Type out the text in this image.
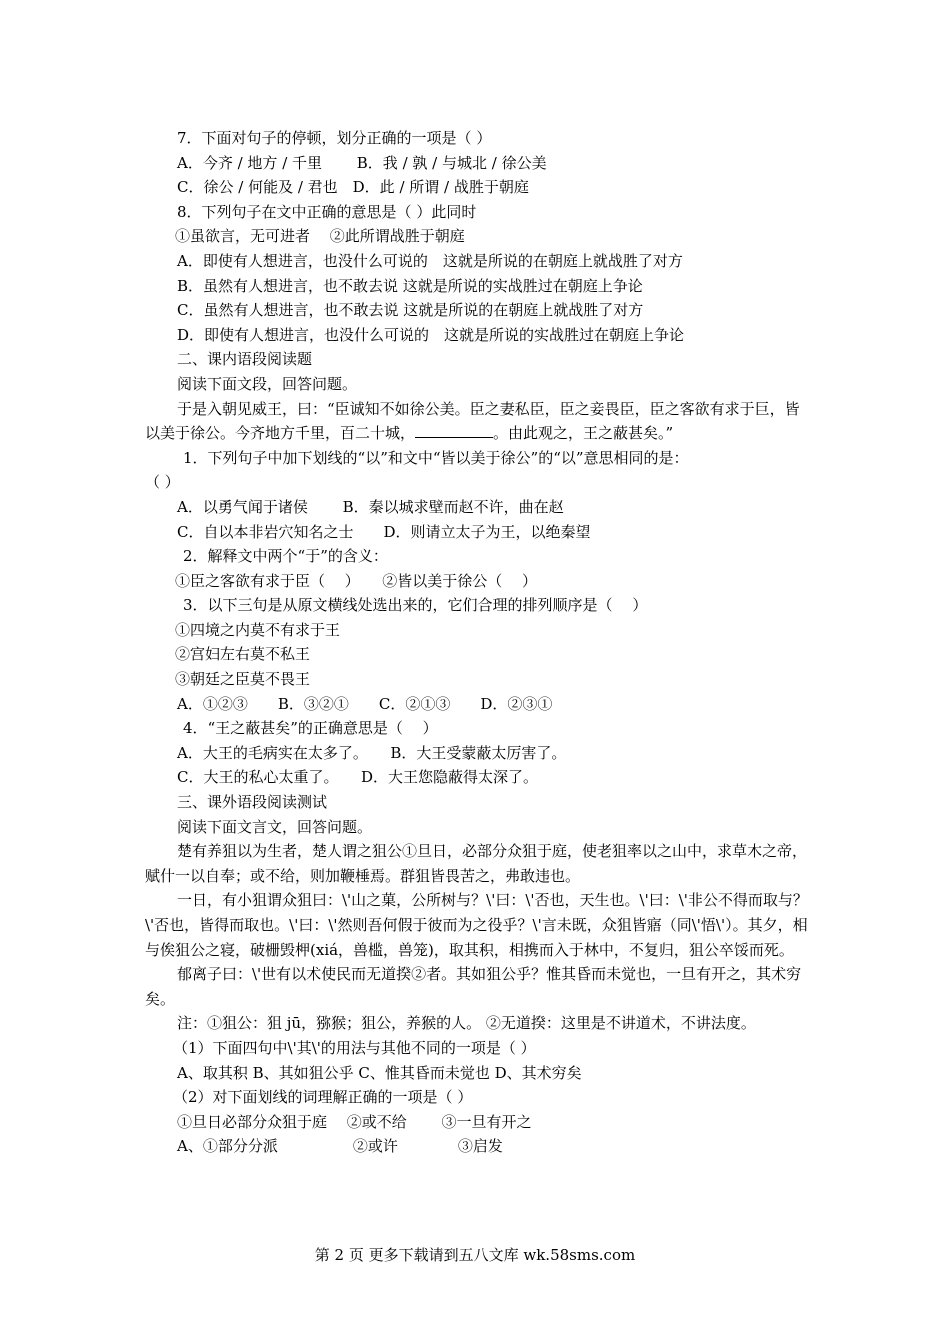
7．下面对句子的停顿，划分正确的一项是（ ）

A．今齐 / 地方 / 千里　　 B．我 / 孰 / 与城北 / 徐公美

C．徐公 / 何能及 / 君也　D．此 / 所谓 / 战胜于朝庭

8．下列句子在文中正确的意思是（ ）此同时

①虽欲言，无可进者　 ②此所谓战胜于朝庭

A．即使有人想进言，也没什么可说的　这就是所说的在朝庭上就战胜了对方

B．虽然有人想进言，也不敢去说 这就是所说的实战胜过在朝庭上争论

C．虽然有人想进言，也不敢去说 这就是所说的在朝庭上就战胜了对方

D．即使有人想进言，也没什么可说的　这就是所说的实战胜过在朝庭上争论

二、课内语段阅读题

阅读下面文段，回答问题。

于是入朝见威王，曰：“臣诚知不如徐公美。臣之妻私臣，臣之妾畏臣，臣之客欲有求于巨，皆以美于徐公。今齐地方千里，百二十城，	。由此观之，王之蔽甚矣。”

1．下列句子中加下划线的“以”和文中“皆以美于徐公”的“以”意思相同的是：

（ ）

A．以勇气闻于诸侯　　 B．秦以城求壁而赵不许，曲在赵

C．自以本非岩穴知名之士　　D．则请立太子为王，以绝秦望

2．解释文中两个“于”的含义：

①臣之客欲有求于臣（　 ）　　②皆以美于徐公（　 ）

3．以下三句是从原文横线处选出来的，它们合理的排列顺序是（　 ）

①四境之内莫不有求于王

②宫妇左右莫不私王

③朝廷之臣莫不畏王

A．①②③　　B．③②①　　C．②①③　　D．②③①

4．“王之蔽甚矣”的正确意思是（　 ）

A．大王的毛病实在太多了。　　B．大王受蒙蔽太厉害了。

C．大王的私心太重了。　　D．大王您隐蔽得太深了。

三、课外语段阅读测试

阅读下面文言文，回答问题。

楚有养狙以为生者，楚人谓之狙公①旦日，必部分众狙于庭，使老狙率以之山中，求草木之帝，赋什一以自奉；或不给，则加鞭棰焉。群狙皆畏苦之，弗敢违也。

一日，有小狙谓众狙曰：\'山之菓，公所树与？\'曰：\'否也，天生也。\'曰：\'非公不得而取与？\'否也，皆得而取也。\'曰：\'然则吾何假于彼而为之役乎？\'言未既，众狙皆寤（同\'悟\'）。其夕，相与俟狙公之寝，破栅毁柙(xiá，兽槛，兽笼)，取其积，相携而入于林中，不复归，狙公卒馁而死。

郁离子曰：\'世有以术使民而无道揆②者。其如狙公乎？惟其昏而未觉也，一旦有开之，其术穷矣。

注：①狙公：狙 jū，猕猴；狙公，养猴的人。 ②无道揆：这里是不讲道术，不讲法度。

（1）下面四句中\'其\'的用法与其他不同的一项是（ ）

A、取其积 B、其如狙公乎 C、惟其昏而未觉也 D、其术穷矣

（2）对下面划线的词理解正确的一项是（ ）

①旦日必部分众狙于庭　 ②或不给　　 ③一旦有开之

A、①部分分派　　　　　②或许　　　　③启发

第 2 页 更多下载请到五八文库 wk.58sms.com
